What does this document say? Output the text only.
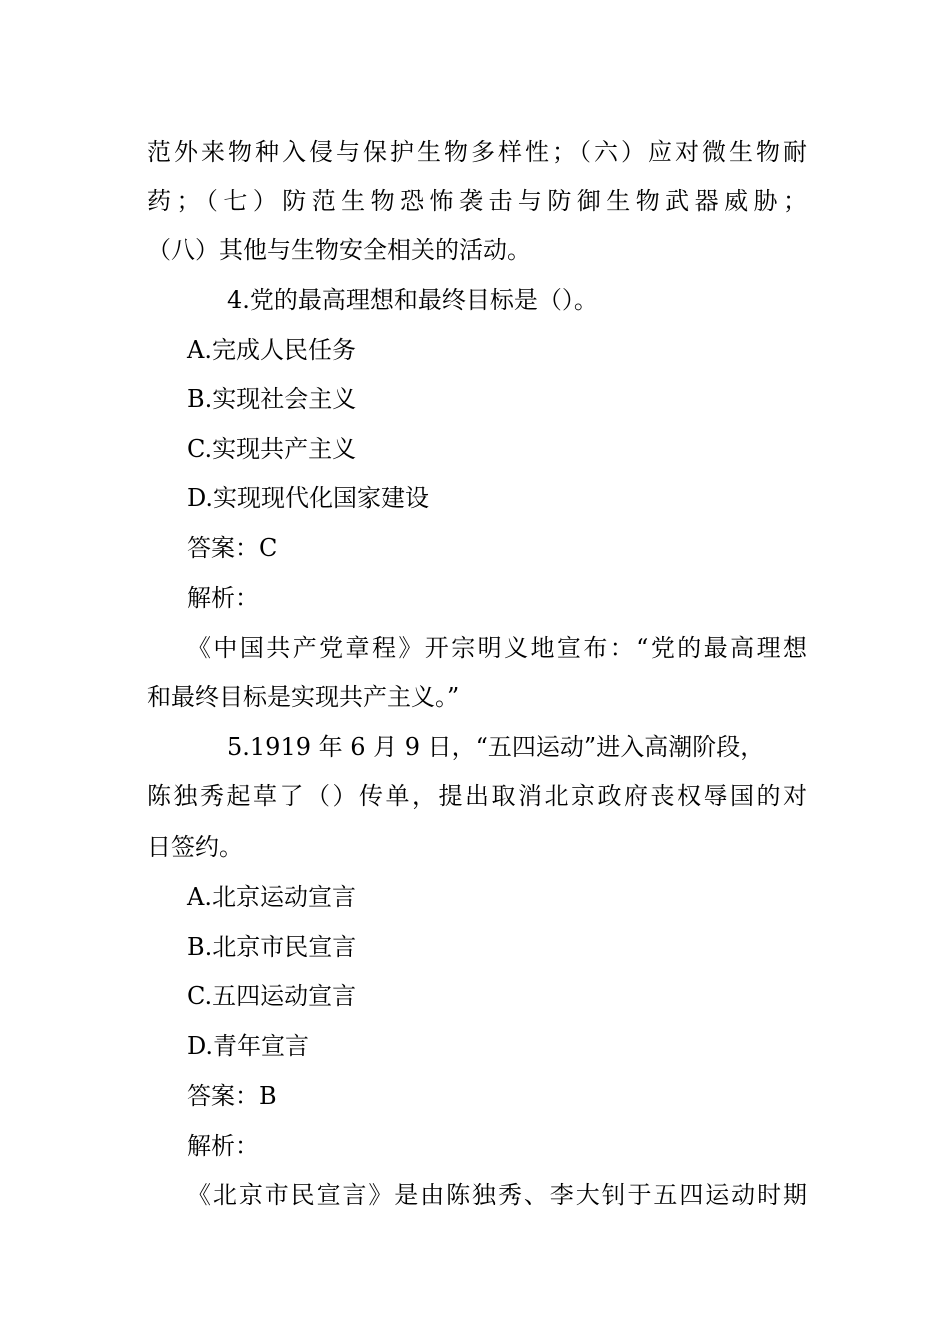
范外来物种入侵与保护生物多样性；（六）应对微生物耐
药；（七）防范生物恐怖袭击与防御生物武器威胁；
（八）其他与生物安全相关的活动。
4.党的最高理想和最终目标是（）。
A.完成人民任务
B.实现社会主义
C.实现共产主义
D.实现现代化国家建设
答案：C
解析：
《中国共产党章程》开宗明义地宣布：“党的最高理想
和最终目标是实现共产主义。”
5.1919 年 6 月 9 日，“五四运动”进入高潮阶段，
陈独秀起草了（）传单，提出取消北京政府丧权辱国的对
日签约。
A.北京运动宣言
B.北京市民宣言
C.五四运动宣言
D.青年宣言
答案：B
解析：
《北京市民宣言》是由陈独秀、李大钊于五四运动时期
